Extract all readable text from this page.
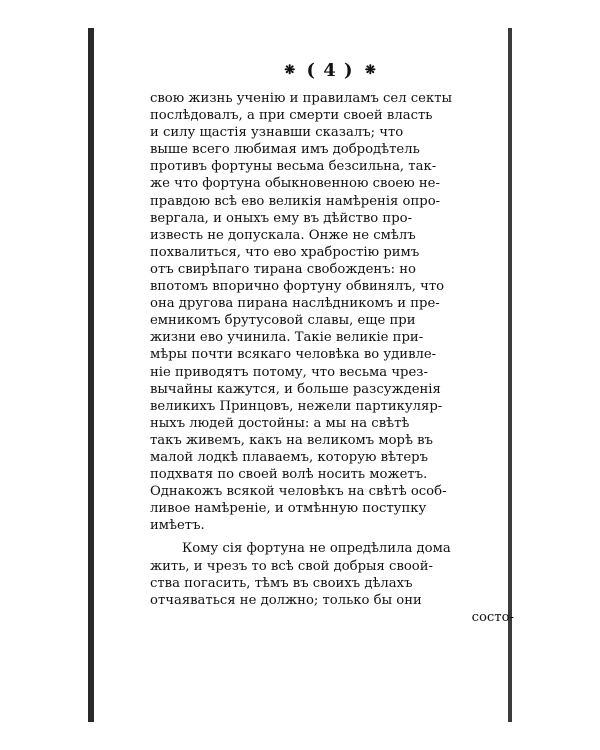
❋ ( 4 ) ❋
свою жизнь ученію и правиламъ сел секты
послѣдовалъ, а при смерти своей власть
и силу щастія узнавши сказалъ; что
выше всего любимая имъ добродѣтель
противъ фортуны весьма безсильна, так-
же что фортуна обыкновенною своею не-
правдою всѣ ево великія намѣренія опро-
вергала, и оныхъ ему въ дѣйство про-
известь не допускала. Онже не смѣлъ
похвалиться, что ево храбростію римъ
отъ свирѣпаго тирана свобожденъ: но
впотомъ впорично фортуну обвинялъ, что
она другова пирана наслѣдникомъ и пре-
емникомъ брутусовой славы, еще при
жизни ево учинила. Такіе великіе при-
мѣры почти всякаго человѣка во удивле-
ніе приводятъ потому, что весьма чрез-
вычайны кажутся, и больше разсужденія
великихъ Принцовъ, нежели партикуляр-
ныхъ людей достойны: а мы на свѣтѣ
такъ живемъ, какъ на великомъ морѣ въ
малой лодкѣ плаваемъ, которую вѣтеръ
подхватя по своей волѣ носить можетъ.
Однакожъ всякой человѣкъ на свѣтѣ особ-
ливое намѣреніе, и отмѣнную поступку
имѣетъ.
Кому сія фортуна не опредѣлила дома
жить, и чрезъ то всѣ свой добрыя своой-
ства погасить, тѣмъ въ своихъ дѣлахъ
отчаяваться не должно; только бы они
состо-
